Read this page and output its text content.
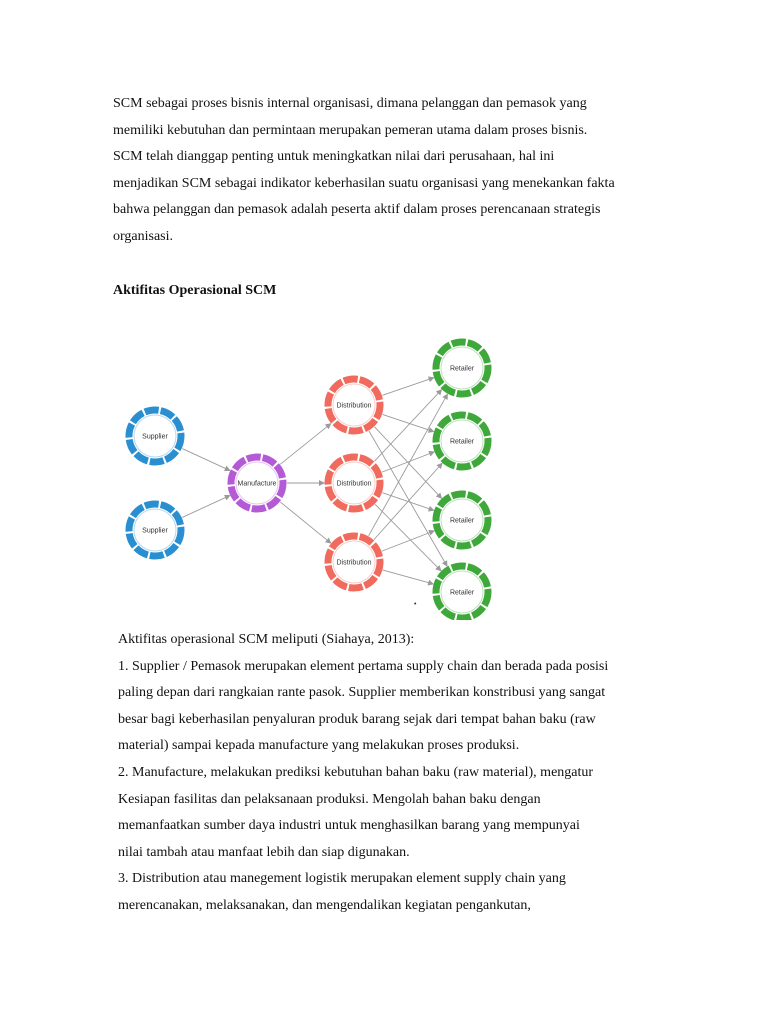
SCM sebagai proses bisnis internal organisasi, dimana pelanggan dan pemasok yang

memiliki kebutuhan dan permintaan merupakan pemeran utama dalam proses bisnis.

SCM telah dianggap penting untuk meningkatkan nilai dari perusahaan, hal ini

menjadikan SCM sebagai indikator keberhasilan suatu organisasi yang menekankan fakta

bahwa pelanggan dan pemasok adalah peserta aktif dalam proses perencanaan strategis

organisasi.

Aktifitas Operasional SCM
Supplier
Supplier
Manufacture
Distribution
Distribution
Distribution
Retailer
Retailer
Retailer
Retailer
•

Aktifitas operasional SCM meliputi (Siahaya, 2013):

1. Supplier / Pemasok merupakan element pertama supply chain dan berada pada posisi

paling depan dari rangkaian rante pasok. Supplier memberikan konstribusi yang sangat

besar bagi keberhasilan penyaluran produk barang sejak dari tempat bahan baku (raw

material) sampai kepada manufacture yang melakukan proses produksi.

2. Manufacture, melakukan prediksi kebutuhan bahan baku (raw material), mengatur

Kesiapan fasilitas dan pelaksanaan produksi. Mengolah bahan baku dengan

memanfaatkan sumber daya industri untuk menghasilkan barang yang mempunyai

nilai tambah atau manfaat lebih dan siap digunakan.

3. Distribution atau manegement logistik merupakan element supply chain yang

merencanakan, melaksanakan, dan mengendalikan kegiatan pengankutan,
